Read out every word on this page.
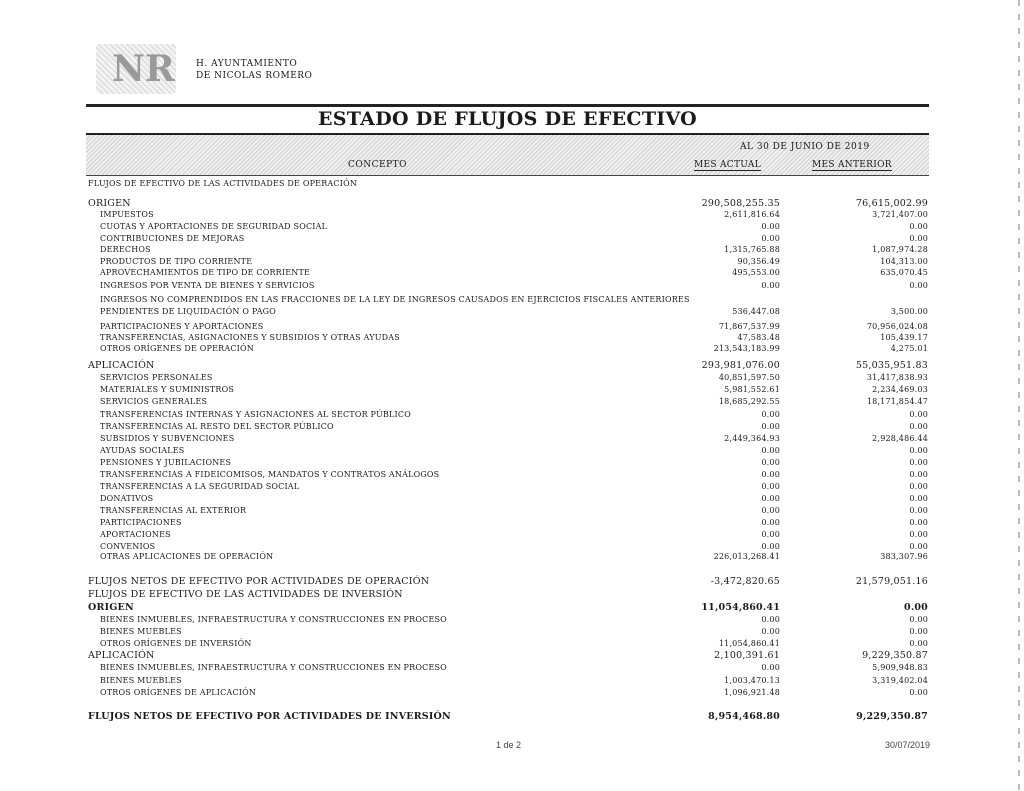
NR H. AYUNTAMIENTO
DE NICOLAS ROMERO
ESTADO DE FLUJOS DE EFECTIVO
AL 30 DE JUNIO DE 2019
CONCEPTO	MES ACTUAL	MES ANTERIOR
FLUJOS DE EFECTIVO DE LAS ACTIVIDADES DE OPERACIÓN
ORIGEN	290,508,255.35	76,615,002.99
IMPUESTOS	2,611,816.64	3,721,407.00
CUOTAS Y APORTACIONES DE SEGURIDAD SOCIAL	0.00	0.00
CONTRIBUCIONES DE MEJORAS	0.00	0.00
DERECHOS	1,315,765.88	1,087,974.28
PRODUCTOS DE TIPO CORRIENTE	90,356.49	104,313.00
APROVECHAMIENTOS DE TIPO DE CORRIENTE	495,553.00	635,070.45
INGRESOS POR VENTA DE BIENES Y SERVICIOS	0.00	0.00
INGRESOS NO COMPRENDIDOS EN LAS FRACCIONES DE LA LEY DE INGRESOS CAUSADOS EN EJERCICIOS FISCALES ANTERIORES
PENDIENTES DE LIQUIDACIÓN O PAGO	536,447.08	3,500.00
PARTICIPACIONES Y APORTACIONES	71,867,537.99	70,956,024.08
TRANSFERENCIAS, ASIGNACIONES Y SUBSIDIOS Y OTRAS AYUDAS	47,583.48	105,439.17
OTROS ORÍGENES DE OPERACIÓN	213,543,183.99	4,275.01
APLICACIÓN	293,981,076.00	55,035,951.83
SERVICIOS PERSONALES	40,851,597.50	31,417,838.93
MATERIALES Y SUMINISTROS	5,981,552.61	2,234,469.03
SERVICIOS GENERALES	18,685,292.55	18,171,854.47
TRANSFERENCIAS INTERNAS Y ASIGNACIONES AL SECTOR PÚBLICO	0.00	0.00
TRANSFERENCIAS AL RESTO DEL SECTOR PÚBLICO	0.00	0.00
SUBSIDIOS Y SUBVENCIONES	2,449,364.93	2,928,486.44
AYUDAS SOCIALES	0.00	0.00
PENSIONES Y JUBILACIONES	0.00	0.00
TRANSFERENCIAS A FIDEICOMISOS, MANDATOS Y CONTRATOS ANÁLOGOS	0.00	0.00
TRANSFERENCIAS A LA SEGURIDAD SOCIAL	0.00	0.00
DONATIVOS	0.00	0.00
TRANSFERENCIAS AL EXTERIOR	0.00	0.00
PARTICIPACIONES	0.00	0.00
APORTACIONES	0.00	0.00
CONVENIOS	0.00	0.00
OTRAS APLICACIONES DE OPERACIÓN	226,013,268.41	383,307.96
FLUJOS NETOS DE EFECTIVO POR ACTIVIDADES DE OPERACIÓN	-3,472,820.65	21,579,051.16
FLUJOS DE EFECTIVO DE LAS ACTIVIDADES DE INVERSIÓN
ORIGEN	11,054,860.41	0.00
BIENES INMUEBLES, INFRAESTRUCTURA Y CONSTRUCCIONES EN PROCESO	0.00	0.00
BIENES MUEBLES	0.00	0.00
OTROS ORÍGENES DE INVERSIÓN	11,054,860.41	0.00
APLICACIÓN	2,100,391.61	9,229,350.87
BIENES INMUEBLES, INFRAESTRUCTURA Y CONSTRUCCIONES EN PROCESO	0.00	5,909,948.83
BIENES MUEBLES	1,003,470.13	3,319,402.04
OTROS ORÍGENES DE APLICACIÓN	1,096,921.48	0.00
FLUJOS NETOS DE EFECTIVO POR ACTIVIDADES DE INVERSIÓN	8,954,468.80	9,229,350.87
1 de 2	30/07/2019
